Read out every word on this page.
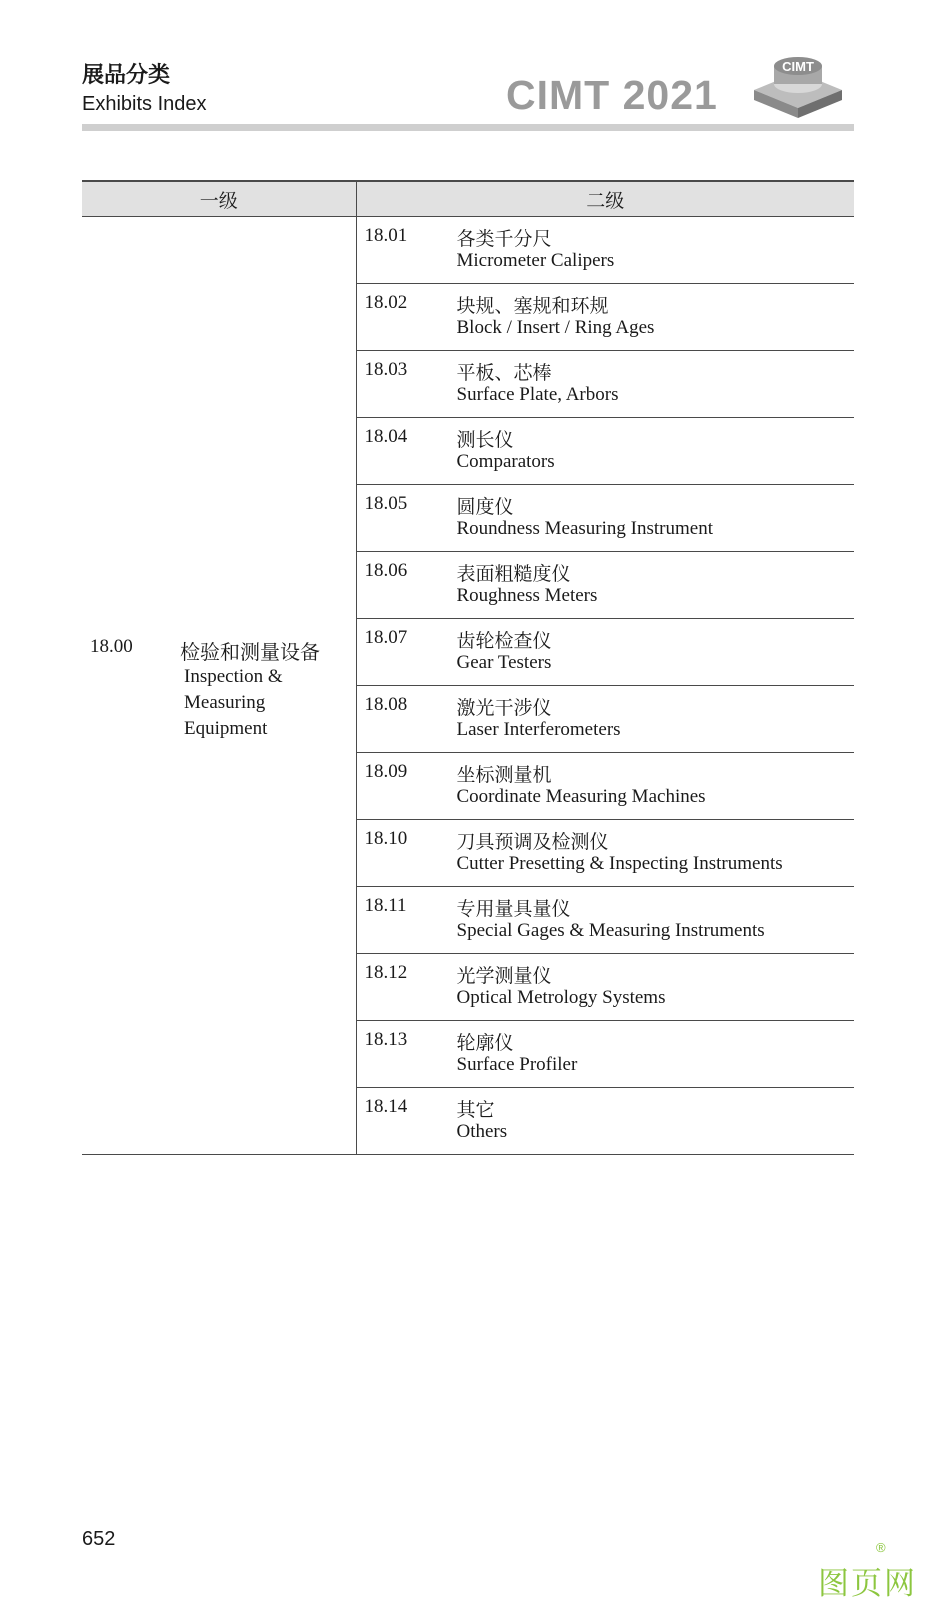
展品分类
Exhibits Index	CIMT 2021
CIMT
一级	二级

18.00 检验和测量设备
Inspection & Measuring Equipment	18.01 各类千分尺
Micrometer Calipers

	18.02 块规、塞规和环规
Block / Insert / Ring Ages

	18.03 平板、芯棒
Surface Plate, Arbors

	18.04 测长仪
Comparators

	18.05 圆度仪
Roundness Measuring Instrument

	18.06 表面粗糙度仪
Roughness Meters

	18.07 齿轮检查仪
Gear Testers

	18.08 激光干涉仪
Laser Interferometers

	18.09 坐标测量机
Coordinate Measuring Machines

	18.10 刀具预调及检测仪
Cutter Presetting & Inspecting Instruments

	18.11 专用量具量仪
Special Gages & Measuring Instruments

	18.12 光学测量仪
Optical Metrology Systems

	18.13 轮廓仪
Surface Profiler

	18.14 其它
Others
652
图页网
®
